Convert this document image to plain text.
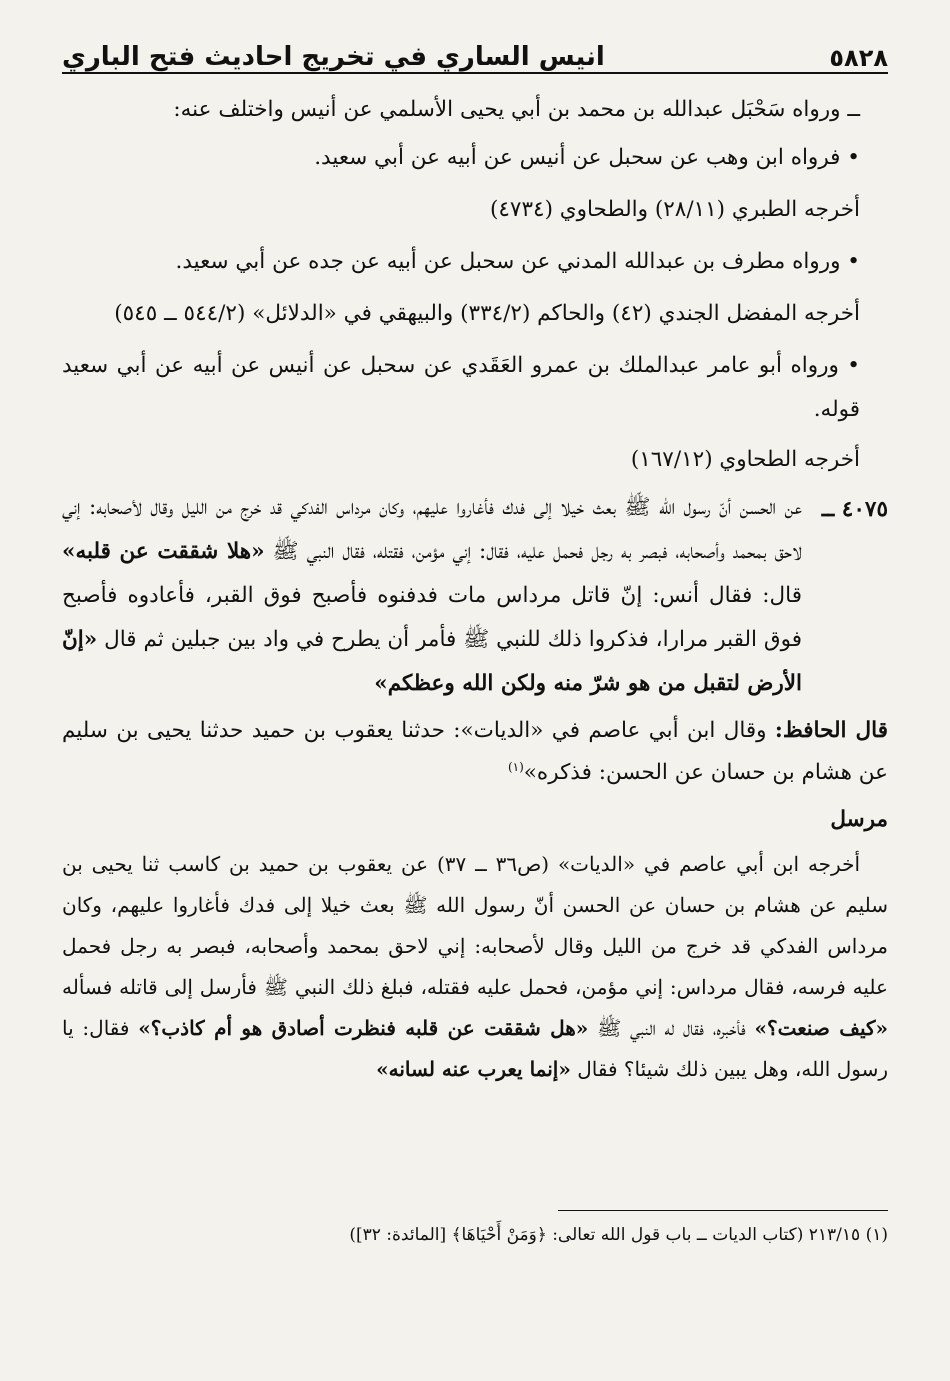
٥٨٢٨
انيس الساري في تخريج احاديث فتح الباري

ــ ورواه سَحْبَل عبدالله بن محمد بن أبي يحيى الأسلمي عن أنيس واختلف عنه:

• فرواه ابن وهب عن سحبل عن أنيس عن أبيه عن أبي سعيد.

أخرجه الطبري (٢٨/١١) والطحاوي (٤٧٣٤)

• ورواه مطرف بن عبدالله المدني عن سحبل عن أبيه عن جده عن أبي سعيد.

أخرجه المفضل الجندي (٤٢) والحاكم (٣٣٤/٢) والبيهقي في «الدلائل» (٥٤٤/٢ ــ ٥٤٥)

• ورواه أبو عامر عبدالملك بن عمرو العَقَدي عن سحبل عن أنيس عن أبيه عن أبي سعيد قوله.

أخرجه الطحاوي (١٦٧/١٢)

٤٠٧٥ ــ
عن الحسن أنّ رسول الله ﷺ بعث خيلا إلى فدك فأغاروا عليهم، وكان مرداس الفدكي قد خرج من الليل وقال لأصحابه: إني لاحق بمحمد وأصحابه، فبصر به رجل فحمل عليه، فقال: إني مؤمن، فقتله، فقال النبي ﷺ «هلا شققت عن قلبه» قال: فقال أنس: إنّ قاتل مرداس مات فدفنوه فأصبح فوق القبر، فأعادوه فأصبح فوق القبر مرارا، فذكروا ذلك للنبي ﷺ فأمر أن يطرح في واد بين جبلين ثم قال «إنّ الأرض لتقبل من هو شرّ منه ولكن الله وعظكم»

قال الحافظ: وقال ابن أبي عاصم في «الديات»: حدثنا يعقوب بن حميد حدثنا يحيى بن سليم عن هشام بن حسان عن الحسن: فذكره»$^{(١)}$

مرسل

أخرجه ابن أبي عاصم في «الديات» (ص٣٦ ــ ٣٧) عن يعقوب بن حميد بن كاسب ثنا يحيى بن سليم عن هشام بن حسان عن الحسن أنّ رسول الله ﷺ بعث خيلا إلى فدك فأغاروا عليهم، وكان مرداس الفدكي قد خرج من الليل وقال لأصحابه: إني لاحق بمحمد وأصحابه، فبصر به رجل فحمل عليه فرسه، فقال مرداس: إني مؤمن، فحمل عليه فقتله، فبلغ ذلك النبي ﷺ فأرسل إلى قاتله فسأله «كيف صنعت؟» فأخبره، فقال له النبي ﷺ «هل شققت عن قلبه فنظرت أصادق هو أم كاذب؟» فقال: يا رسول الله، وهل يبين ذلك شيئا؟ فقال «إنما يعرب عنه لسانه»

(١) ٢١٣/١٥ (كتاب الديات ــ باب قول الله تعالى: ﴿وَمَنْ أَحْيَاهَا﴾ [المائدة: ٣٢])
